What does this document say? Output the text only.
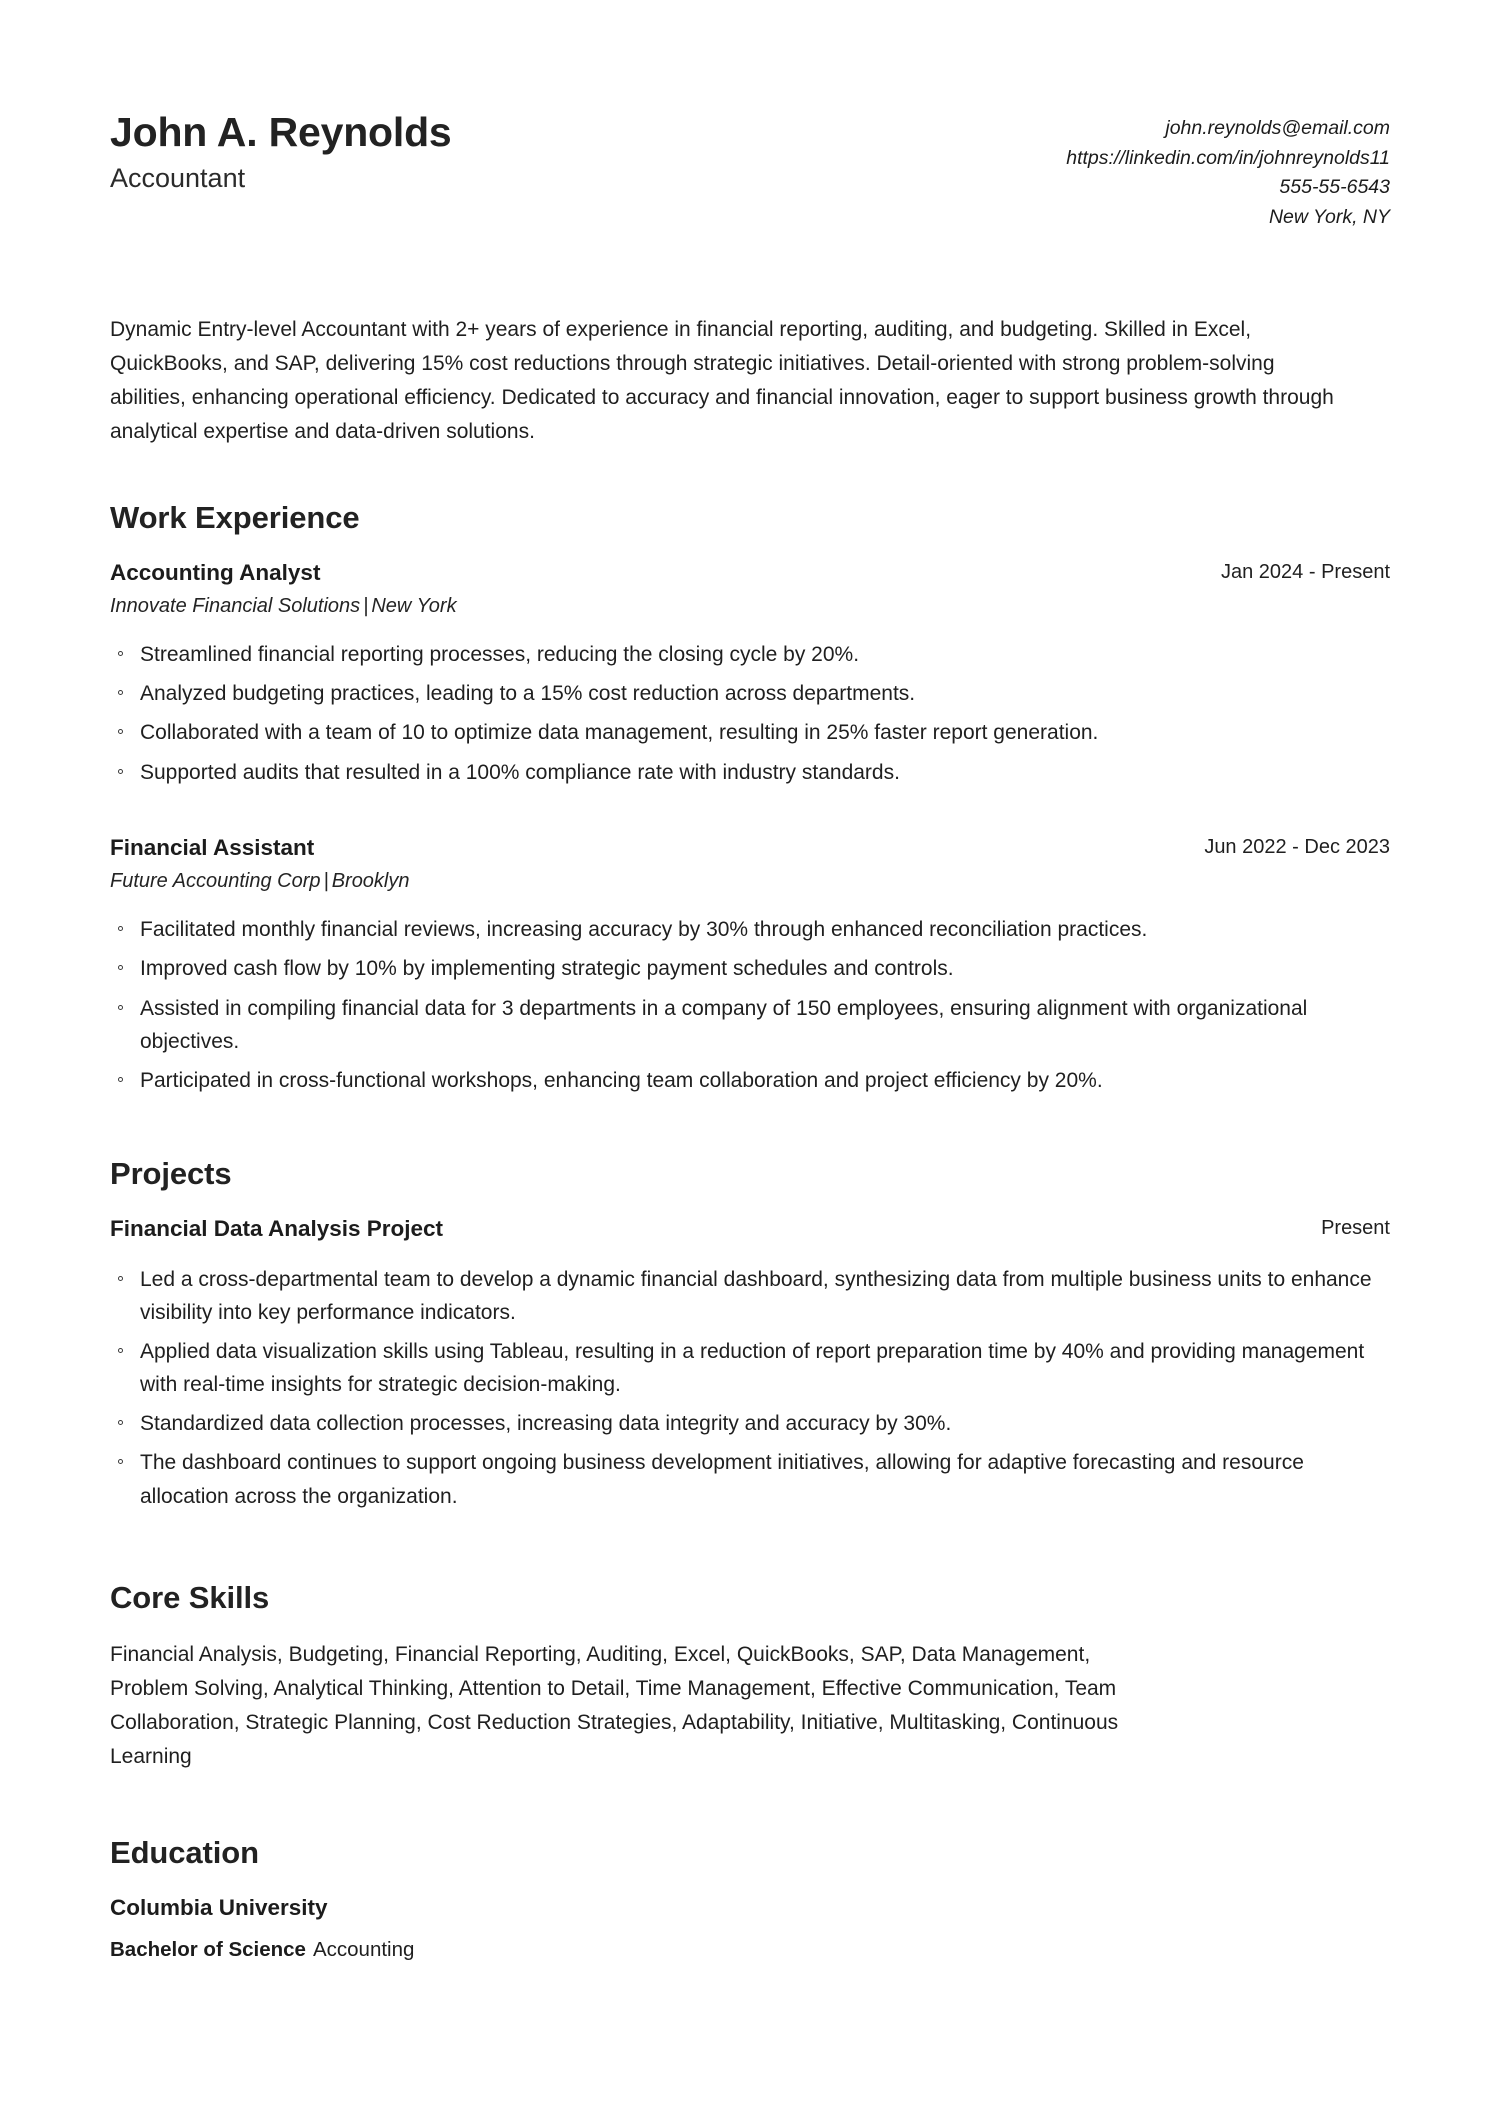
John A. Reynolds
Accountant
john.reynolds@email.com
https://linkedin.com/in/johnreynolds11
555-55-6543
New York, NY
Dynamic Entry-level Accountant with 2+ years of experience in financial reporting, auditing, and budgeting. Skilled in Excel, QuickBooks, and SAP, delivering 15% cost reductions through strategic initiatives. Detail-oriented with strong problem-solving abilities, enhancing operational efficiency. Dedicated to accuracy and financial innovation, eager to support business growth through analytical expertise and data-driven solutions.
Work Experience
Accounting Analyst	Jan 2024 - Present
Innovate Financial Solutions | New York
Streamlined financial reporting processes, reducing the closing cycle by 20%.
Analyzed budgeting practices, leading to a 15% cost reduction across departments.
Collaborated with a team of 10 to optimize data management, resulting in 25% faster report generation.
Supported audits that resulted in a 100% compliance rate with industry standards.
Financial Assistant	Jun 2022 - Dec 2023
Future Accounting Corp | Brooklyn
Facilitated monthly financial reviews, increasing accuracy by 30% through enhanced reconciliation practices.
Improved cash flow by 10% by implementing strategic payment schedules and controls.
Assisted in compiling financial data for 3 departments in a company of 150 employees, ensuring alignment with organizational objectives.
Participated in cross-functional workshops, enhancing team collaboration and project efficiency by 20%.
Projects
Financial Data Analysis Project	Present
Led a cross-departmental team to develop a dynamic financial dashboard, synthesizing data from multiple business units to enhance visibility into key performance indicators.
Applied data visualization skills using Tableau, resulting in a reduction of report preparation time by 40% and providing management with real-time insights for strategic decision-making.
Standardized data collection processes, increasing data integrity and accuracy by 30%.
The dashboard continues to support ongoing business development initiatives, allowing for adaptive forecasting and resource allocation across the organization.
Core Skills
Financial Analysis, Budgeting, Financial Reporting, Auditing, Excel, QuickBooks, SAP, Data Management, Problem Solving, Analytical Thinking, Attention to Detail, Time Management, Effective Communication, Team Collaboration, Strategic Planning, Cost Reduction Strategies, Adaptability, Initiative, Multitasking, Continuous Learning
Education
Columbia University
Bachelor of Science Accounting
